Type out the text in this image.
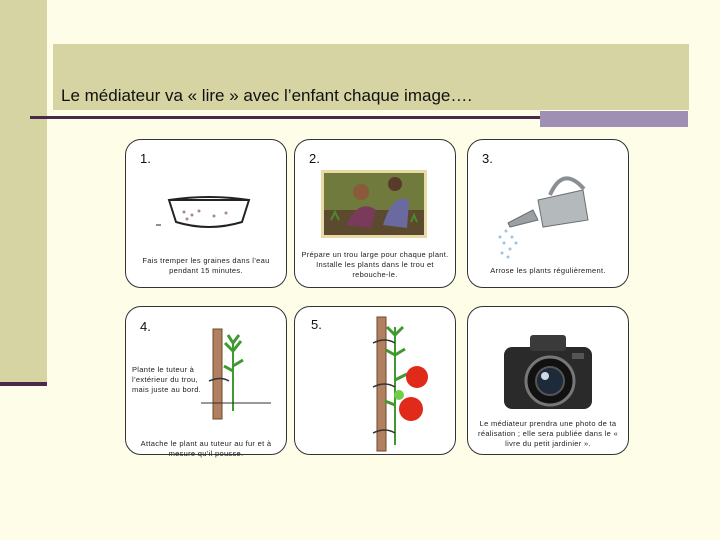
Le médiateur va « lire » avec l’enfant chaque image….
1.
Fais tremper les graines dans l’eau pendant 15 minutes.
2.
Prépare un trou large pour chaque plant. Installe les plants dans le trou et rebouche-le.
3.
Arrose les plants régulièrement.
4.
Plante le tuteur à l’extérieur du trou, mais juste au bord.
Attache le plant au tuteur au fur et à mesure qu’il pousse.
5.
Le médiateur prendra une photo de ta réalisation ; elle sera publiée dans le « livre du petit jardinier ».
